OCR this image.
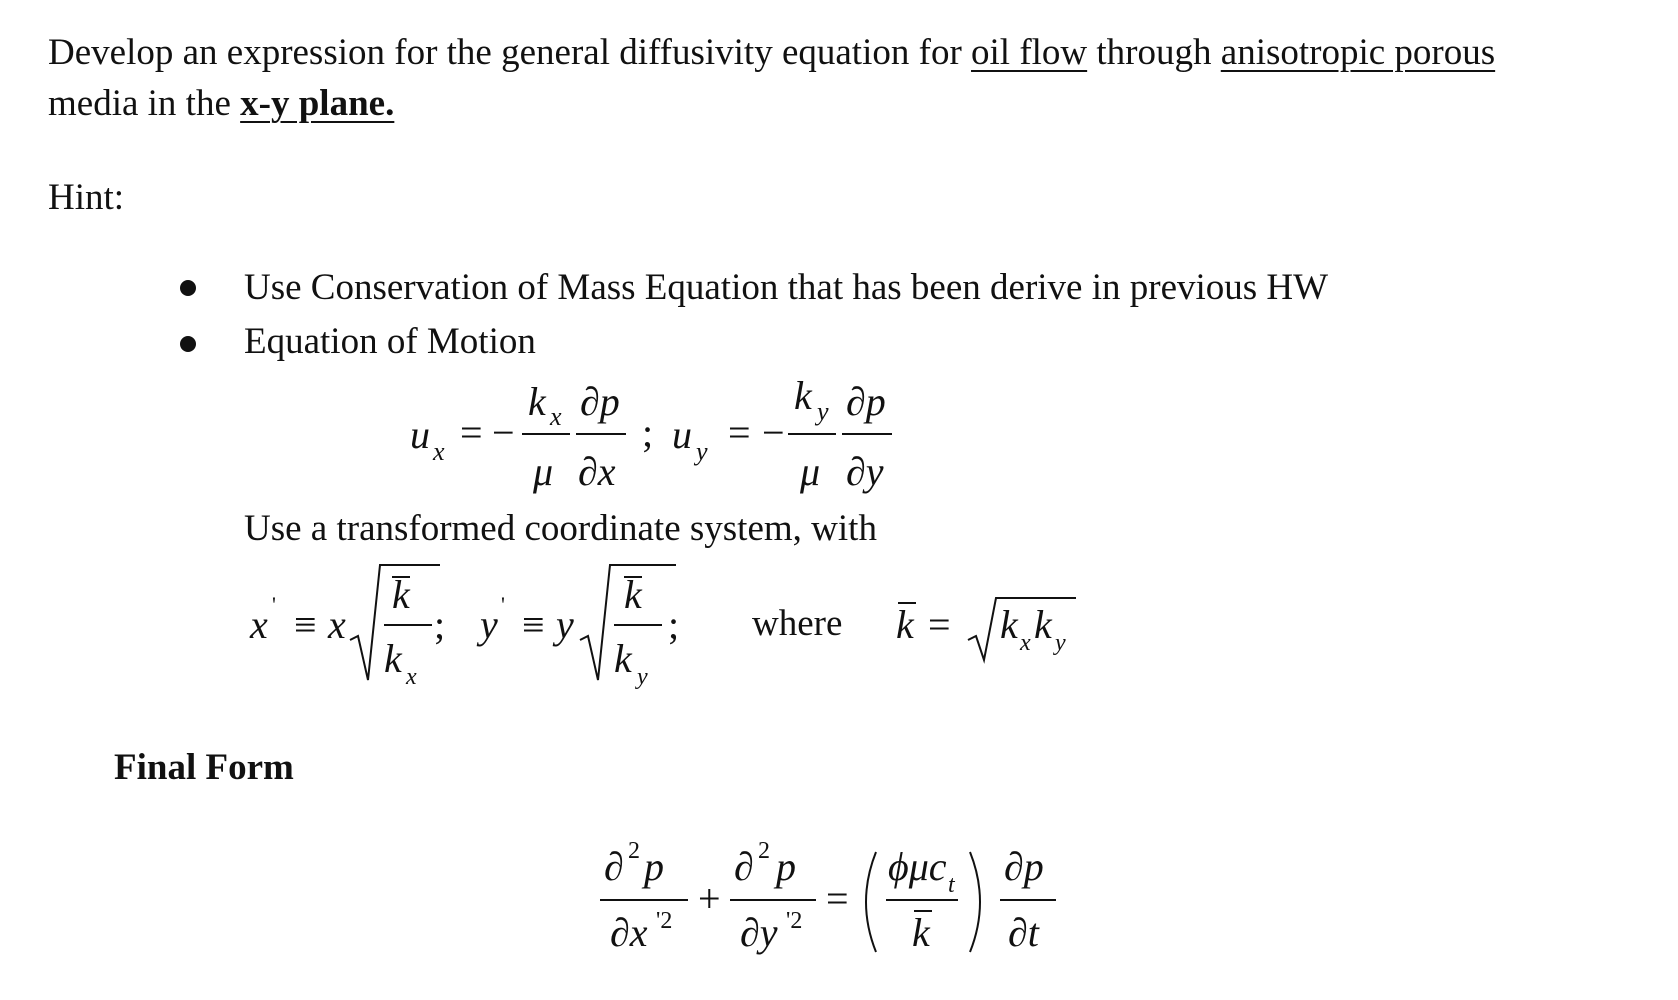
Develop an expression for the general diffusivity equation for oil flow through anisotropic porous
media in the x-y plane.
Hint:
Use Conservation of Mass Equation that has been derive in previous HW
Equation of Motion
u x = −
k x
μ
∂p
∂x
; u y = −
k y
μ
∂p
∂y
Use a transformed coordinate system, with
x ' ≡ x
k
k x
; y ' ≡ y
k
k y
;	k = k x k y
where
Final Form
∂ 2 p
∂x '2 +
∂ 2 p
∂y '2 =
ϕμc t
k
∂p
∂t
